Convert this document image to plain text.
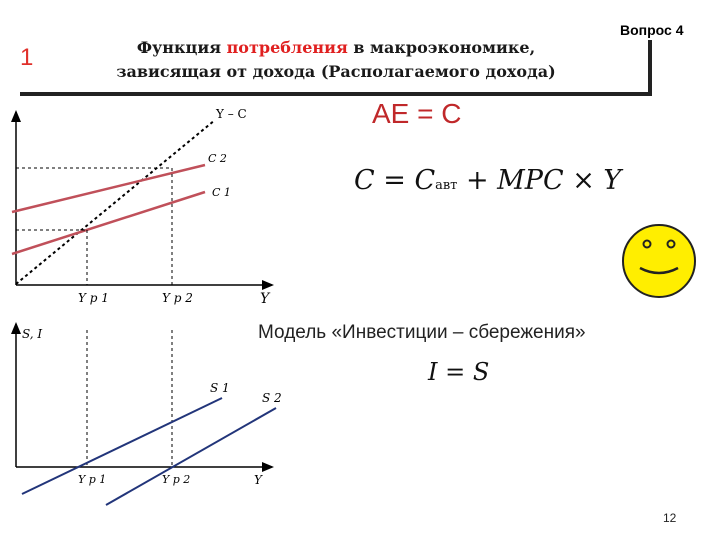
Вопрос 4
1	Функция потребления в макроэкономике,
зависящая от дохода (Располагаемого дохода)
AE = C
C = Cавт + MPC × Y
Модель «Инвестиции – сбережения»
I = S
12
Y – C
C 2
C 1
Y
Y p 1	Y p 2
S, I
S 1
S 2
Y
Y p 1	Y p 2
